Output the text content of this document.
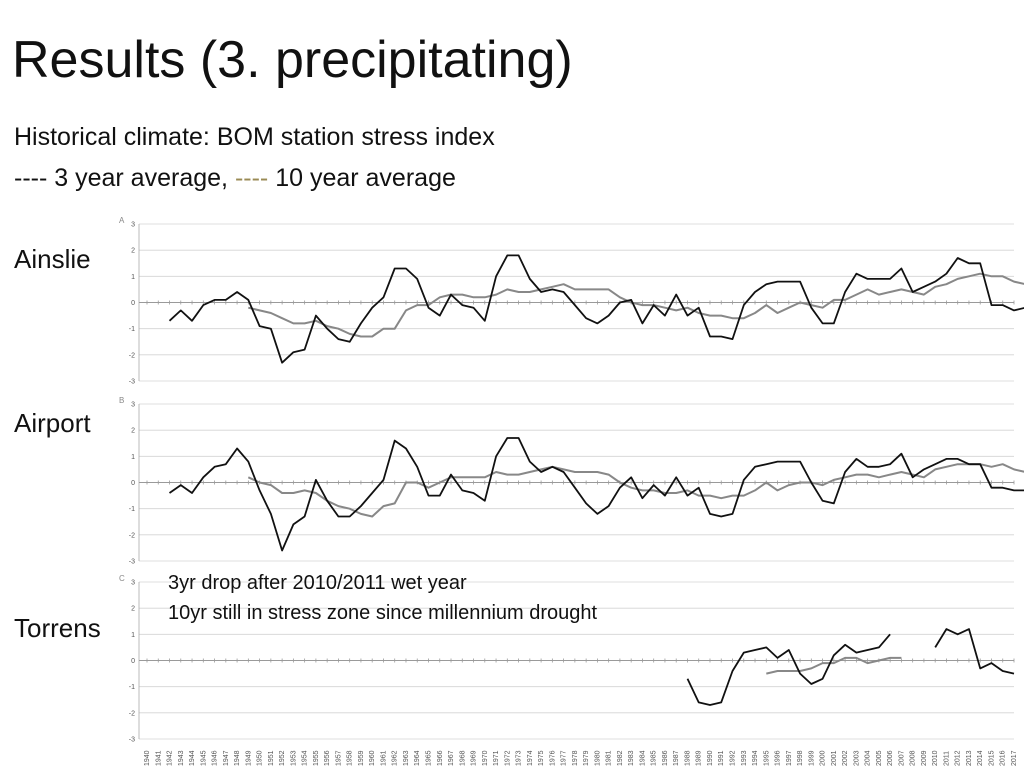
Results (3. precipitating)
Historical climate: BOM station stress index
---- 3 year average, ---- 10 year average
Ainslie
Airport
Torrens
A
-3
-2
-1
0
1
2
3
B
-3
-2
-1
0
1
2
3
C
-3
-2
-1
0
1
2
3
1940 1941 1942 1943 1944 1945 1946 1947 1948 1949 1950 1951 1952 1953 1954 1955 1956 1957 1958 1959 1960 1961 1962 1963 1964 1965 1966 1967 1968 1969 1970 1971 1972 1973 1974 1975 1976 1977 1978 1979 1980 1981 1982 1983 1984 1985 1986 1987 1988 1989 1990 1991 1992 1993 1994 1995 1996 1997 1998 1999 2000 2001 2002 2003 2004 2005 2006 2007 2008 2009 2010 2011 2012 2013 2014 2015 2016 2017
3yr drop after 2010/2011 wet year
10yr still in stress zone since millennium drought
